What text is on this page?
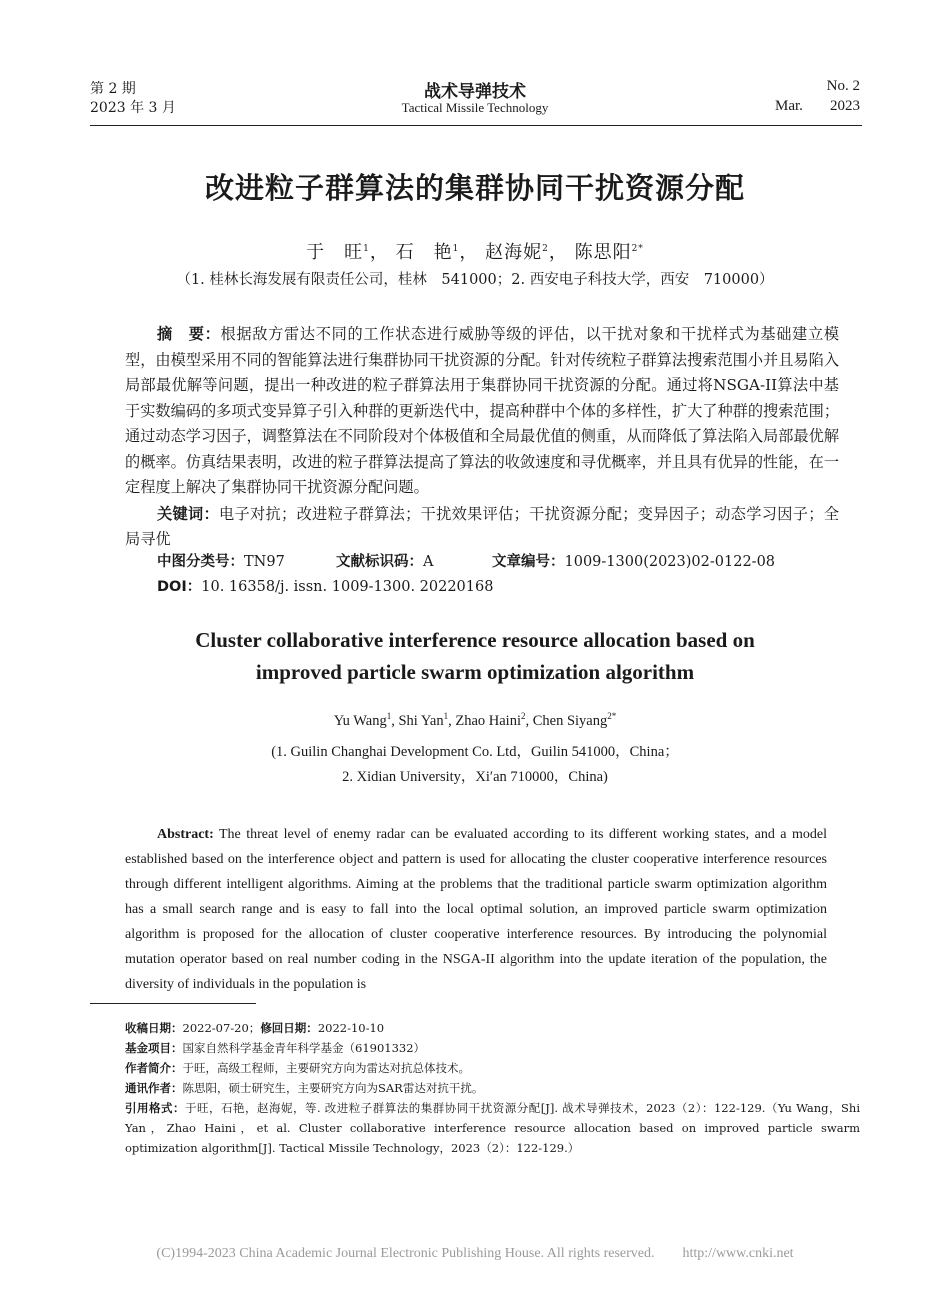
第 2 期
2023 年 3 月
战术导弹技术
Tactical Missile Technology
No. 2
Mar.	2023
改进粒子群算法的集群协同干扰资源分配
于　旺$^1$， 石　艳$^1$， 赵海妮$^2$， 陈思阳$^{2*}$
（1. 桂林长海发展有限责任公司，桂林　541000；2. 西安电子科技大学，西安　710000）
摘　要：根据敌方雷达不同的工作状态进行威胁等级的评估，以干扰对象和干扰样式为基础建立模型，由模型采用不同的智能算法进行集群协同干扰资源的分配。针对传统粒子群算法搜索范围小并且易陷入局部最优解等问题，提出一种改进的粒子群算法用于集群协同干扰资源的分配。通过将NSGA-II算法中基于实数编码的多项式变异算子引入种群的更新迭代中，提高种群中个体的多样性，扩大了种群的搜索范围；通过动态学习因子，调整算法在不同阶段对个体极值和全局最优值的侧重，从而降低了算法陷入局部最优解的概率。仿真结果表明，改进的粒子群算法提高了算法的收敛速度和寻优概率，并且具有优异的性能，在一定程度上解决了集群协同干扰资源分配问题。
关键词：电子对抗；改进粒子群算法；干扰效果评估；干扰资源分配；变异因子；动态学习因子；全局寻优
中图分类号：TN97	文献标识码：A	文章编号：1009-1300(2023)02-0122-08
DOI：10. 16358/j. issn. 1009-1300. 20220168
Cluster collaborative interference resource allocation based on
improved particle swarm optimization algorithm
Yu Wang$^1$, Shi Yan$^1$, Zhao Haini$^2$, Chen Siyang$^{2*}$
(1. Guilin Changhai Development Co. Ltd，Guilin 541000，China；
2. Xidian University，Xi′an 710000，China)
Abstract: The threat level of enemy radar can be evaluated according to its different working states, and a model established based on the interference object and pattern is used for allocating the cluster cooperative interference resources through different intelligent algorithms. Aiming at the problems that the traditional particle swarm optimization algorithm has a small search range and is easy to fall into the local optimal solution, an improved particle swarm optimization algorithm is proposed for the allocation of cluster cooperative interference resources. By introducing the polynomial mutation operator based on real number coding in the NSGA-II algorithm into the update iteration of the population, the diversity of individuals in the population is
收稿日期：2022-07-20；修回日期：2022-10-10
基金项目：国家自然科学基金青年科学基金（61901332）
作者简介：于旺，高级工程师，主要研究方向为雷达对抗总体技术。
通讯作者：陈思阳，硕士研究生，主要研究方向为SAR雷达对抗干扰。
引用格式：于旺，石艳，赵海妮，等. 改进粒子群算法的集群协同干扰资源分配[J]. 战术导弹技术，2023（2）：122-129.（Yu Wang，Shi Yan，Zhao Haini，et al. Cluster collaborative interference resource allocation based on improved particle swarm optimization algorithm[J]. Tactical Missile Technology，2023（2）：122-129.）
(C)1994-2023 China Academic Journal Electronic Publishing House. All rights reserved.　　http://www.cnki.net
